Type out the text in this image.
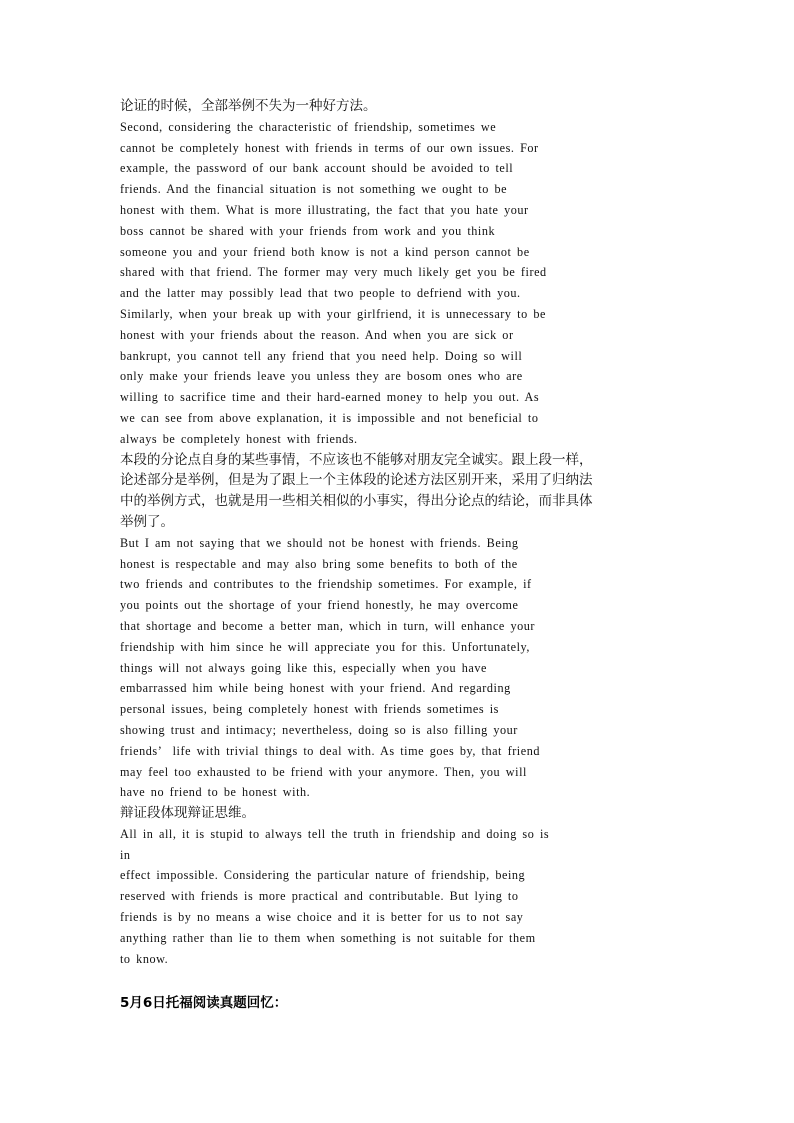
论证的时候，全部举例不失为一种好方法。
Second, considering the characteristic of friendship, sometimes we
cannot be completely honest with friends in terms of our own issues. For
example, the password of our bank account should be avoided to tell
friends. And the financial situation is not something we ought to be
honest with them. What is more illustrating, the fact that you hate your
boss cannot be shared with your friends from work and you think
someone you and your friend both know is not a kind person cannot be
shared with that friend. The former may very much likely get you be fired
and the latter may possibly lead that two people to defriend with you.
Similarly, when your break up with your girlfriend, it is unnecessary to be
honest with your friends about the reason. And when you are sick or
bankrupt, you cannot tell any friend that you need help. Doing so will
only make your friends leave you unless they are bosom ones who are
willing to sacrifice time and their hard-earned money to help you out. As
we can see from above explanation, it is impossible and not beneficial to
always be completely honest with friends.
本段的分论点自身的某些事情，不应该也不能够对朋友完全诚实。跟上段一样，
论述部分是举例，但是为了跟上一个主体段的论述方法区别开来，采用了归纳法
中的举例方式，也就是用一些相关相似的小事实，得出分论点的结论，而非具体
举例了。
But I am not saying that we should not be honest with friends. Being
honest is respectable and may also bring some benefits to both of the
two friends and contributes to the friendship sometimes. For example, if
you points out the shortage of your friend honestly, he may overcome
that shortage and become a better man, which in turn, will enhance your
friendship with him since he will appreciate you for this. Unfortunately,
things will not always going like this, especially when you have
embarrassed him while being honest with your friend. And regarding
personal issues, being completely honest with friends sometimes is
showing trust and intimacy; nevertheless, doing so is also filling your
friends’  life with trivial things to deal with. As time goes by, that friend
may feel too exhausted to be friend with your anymore. Then, you will
have no friend to be honest with.
辩证段体现辩证思维。
All in all, it is stupid to always tell the truth in friendship and doing so is
in
effect impossible. Considering the particular nature of friendship, being
reserved with friends is more practical and contributable. But lying to
friends is by no means a wise choice and it is better for us to not say
anything rather than lie to them when something is not suitable for them
to know.
5月6日托福阅读真题回忆：
